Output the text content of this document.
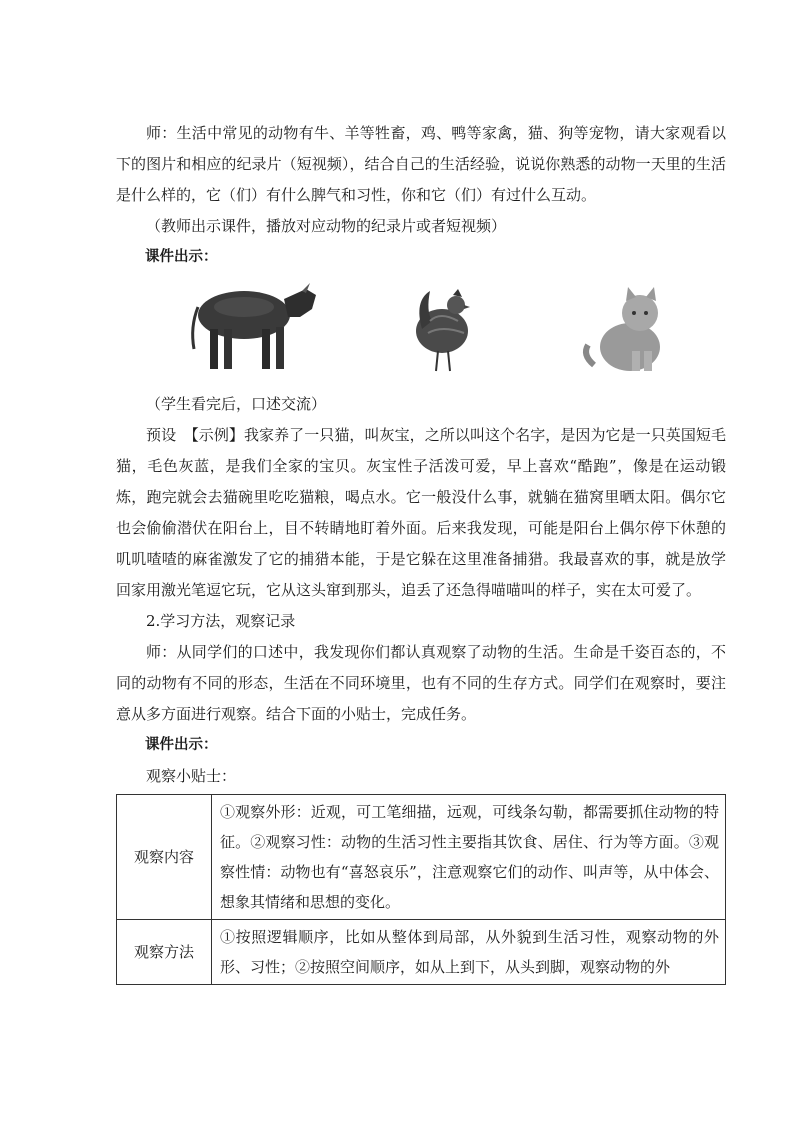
师：生活中常见的动物有牛、羊等牲畜，鸡、鸭等家禽，猫、狗等宠物，请大家观看以下的图片和相应的纪录片（短视频），结合自己的生活经验，说说你熟悉的动物一天里的生活是什么样的，它（们）有什么脾气和习性，你和它（们）有过什么互动。

（教师出示课件，播放对应动物的纪录片或者短视频）

课件出示：

（学生看完后，口述交流）

预设　【示例】我家养了一只猫，叫灰宝，之所以叫这个名字，是因为它是一只英国短毛猫，毛色灰蓝，是我们全家的宝贝。灰宝性子活泼可爱，早上喜欢“酷跑”，像是在运动锻炼，跑完就会去猫碗里吃吃猫粮，喝点水。它一般没什么事，就躺在猫窝里晒太阳。偶尔它也会偷偷潜伏在阳台上，目不转睛地盯着外面。后来我发现，可能是阳台上偶尔停下休憩的叽叽喳喳的麻雀激发了它的捕猎本能，于是它躲在这里准备捕猎。我最喜欢的事，就是放学回家用激光笔逗它玩，它从这头窜到那头，追丢了还急得喵喵叫的样子，实在太可爱了。

2.学习方法，观察记录

师：从同学们的口述中，我发现你们都认真观察了动物的生活。生命是千姿百态的，不同的动物有不同的形态，生活在不同环境里，也有不同的生存方式。同学们在观察时，要注意从多方面进行观察。结合下面的小贴士，完成任务。

课件出示：

观察小贴士：

观察内容	①观察外形：近观，可工笔细描，远观，可线条勾勒，都需要抓住动物的特征。②观察习性：动物的生活习性主要指其饮食、居住、行为等方面。③观察性情：动物也有“喜怒哀乐”，注意观察它们的动作、叫声等，从中体会、想象其情绪和思想的变化。
观察方法	①按照逻辑顺序，比如从整体到局部，从外貌到生活习性，观察动物的外形、习性；②按照空间顺序，如从上到下，从头到脚，观察动物的外
